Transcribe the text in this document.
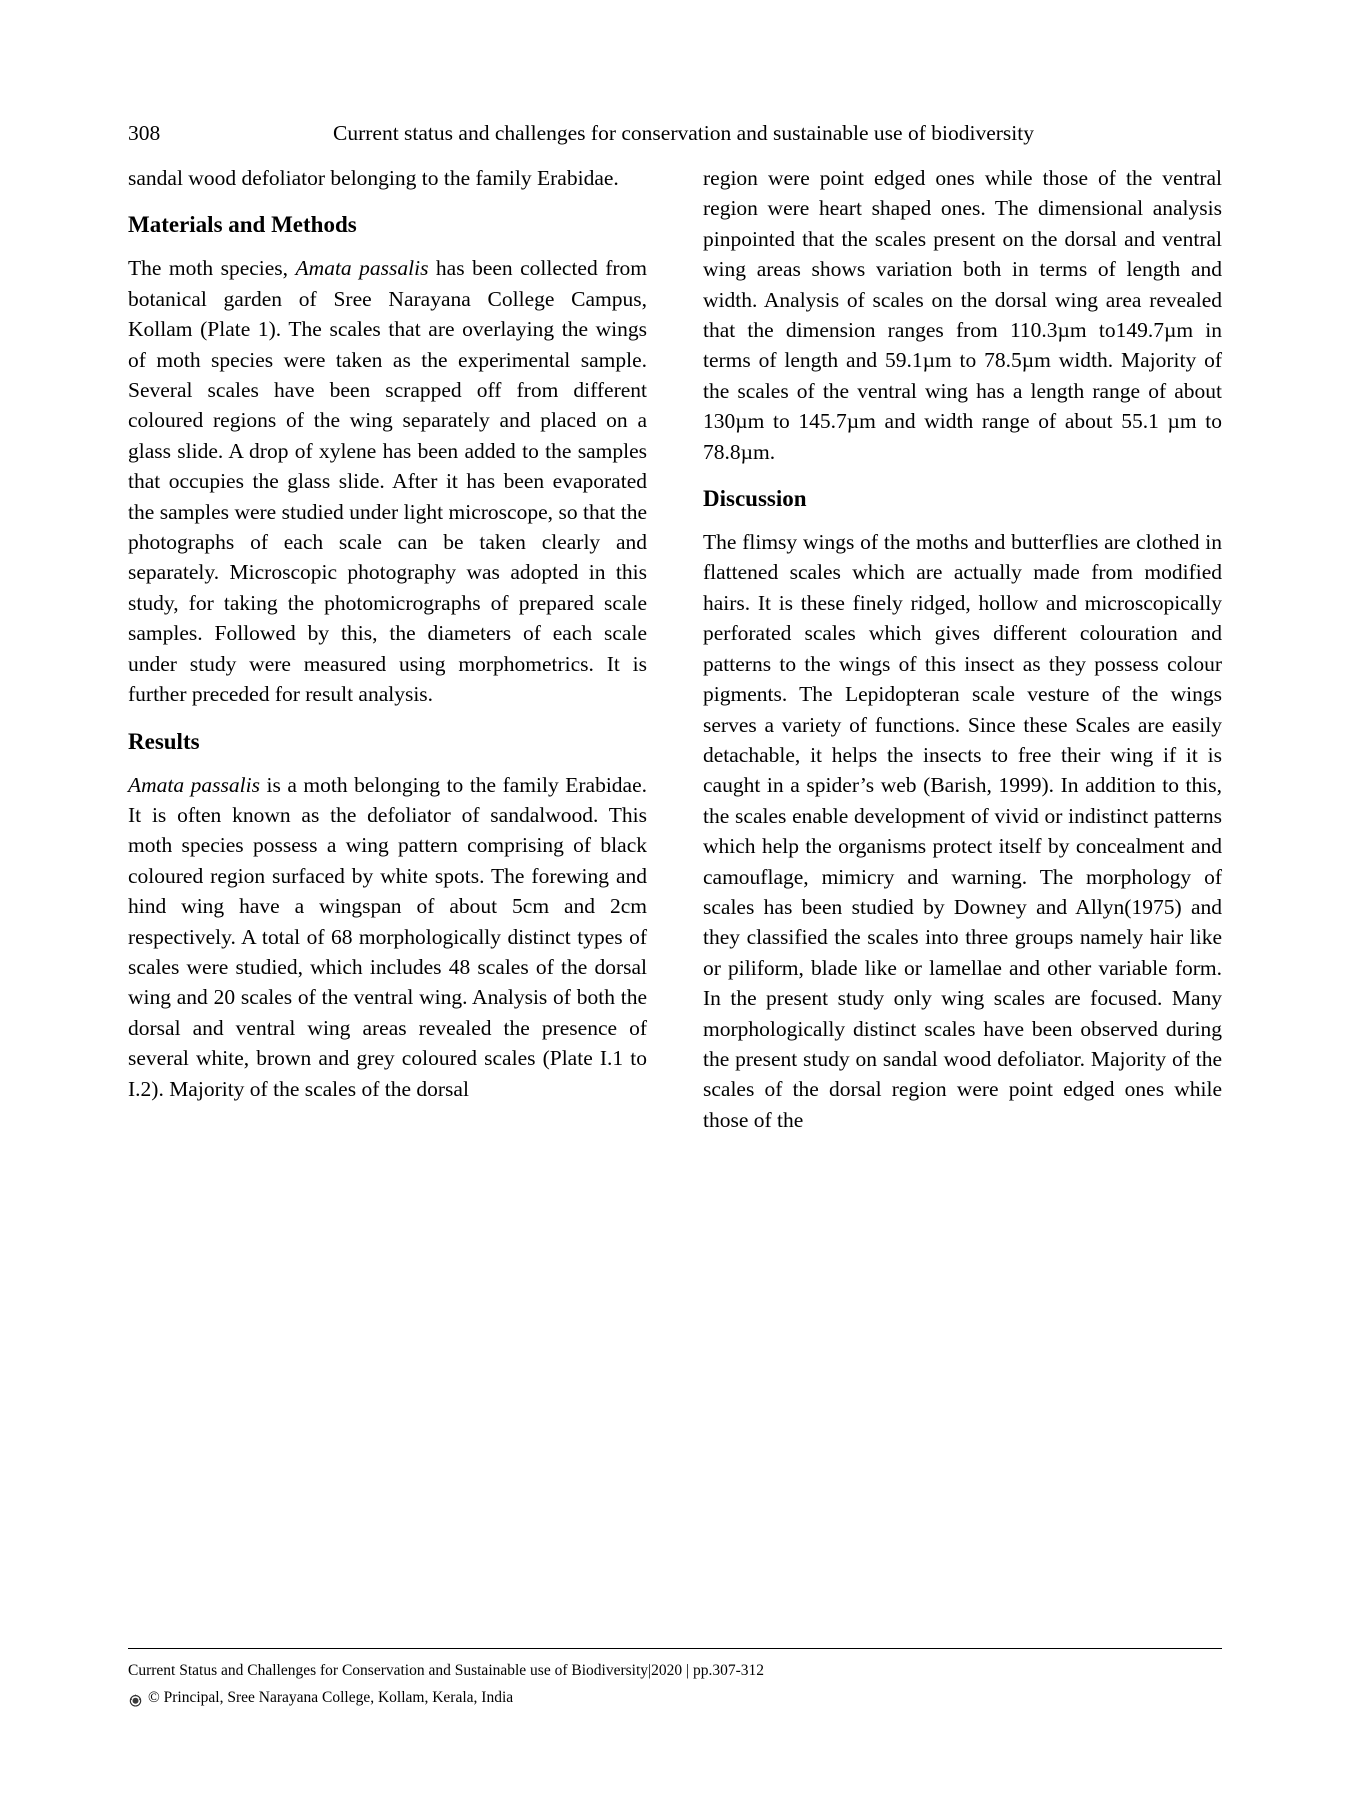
308	Current status and challenges for conservation and sustainable use of biodiversity

sandal wood defoliator belonging to the family Erabidae.

Materials and Methods

The moth species, Amata passalis has been collected from botanical garden of Sree Narayana College Campus, Kollam (Plate 1). The scales that are overlaying the wings of moth species were taken as the experimental sample. Several scales have been scrapped off from different coloured regions of the wing separately and placed on a glass slide. A drop of xylene has been added to the samples that occupies the glass slide. After it has been evaporated the samples were studied under light microscope, so that the photographs of each scale can be taken clearly and separately. Microscopic photography was adopted in this study, for taking the photomicrographs of prepared scale samples. Followed by this, the diameters of each scale under study were measured using morphometrics. It is further preceded for result analysis.

Results

Amata passalis is a moth belonging to the family Erabidae. It is often known as the defoliator of sandalwood. This moth species possess a wing pattern comprising of black coloured region surfaced by white spots. The forewing and hind wing have a wingspan of about 5cm and 2cm respectively. A total of 68 morphologically distinct types of scales were studied, which includes 48 scales of the dorsal wing and 20 scales of the ventral wing. Analysis of both the dorsal and ventral wing areas revealed the presence of several white, brown and grey coloured scales (Plate I.1 to I.2). Majority of the scales of the dorsal

region were point edged ones while those of the ventral region were heart shaped ones. The dimensional analysis pinpointed that the scales present on the dorsal and ventral wing areas shows variation both in terms of length and width. Analysis of scales on the dorsal wing area revealed that the dimension ranges from 110.3µm to149.7µm in terms of length and 59.1µm to 78.5µm width. Majority of the scales of the ventral wing has a length range of about 130µm to 145.7µm and width range of about 55.1 µm to 78.8µm.

Discussion

The flimsy wings of the moths and butterflies are clothed in flattened scales which are actually made from modified hairs. It is these finely ridged, hollow and microscopically perforated scales which gives different colouration and patterns to the wings of this insect as they possess colour pigments. The Lepidopteran scale vesture of the wings serves a variety of functions. Since these Scales are easily detachable, it helps the insects to free their wing if it is caught in a spider’s web (Barish, 1999). In addition to this, the scales enable development of vivid or indistinct patterns which help the organisms protect itself by concealment and camouflage, mimicry and warning. The morphology of scales has been studied by Downey and Allyn(1975) and they classified the scales into three groups namely hair like or piliform, blade like or lamellae and other variable form. In the present study only wing scales are focused. Many morphologically distinct scales have been observed during the present study on sandal wood defoliator. Majority of the scales of the dorsal region were point edged ones while those of the

Current Status and Challenges for Conservation and Sustainable use of Biodiversity|2020 | pp.307-312
© Principal, Sree Narayana College, Kollam, Kerala, India
